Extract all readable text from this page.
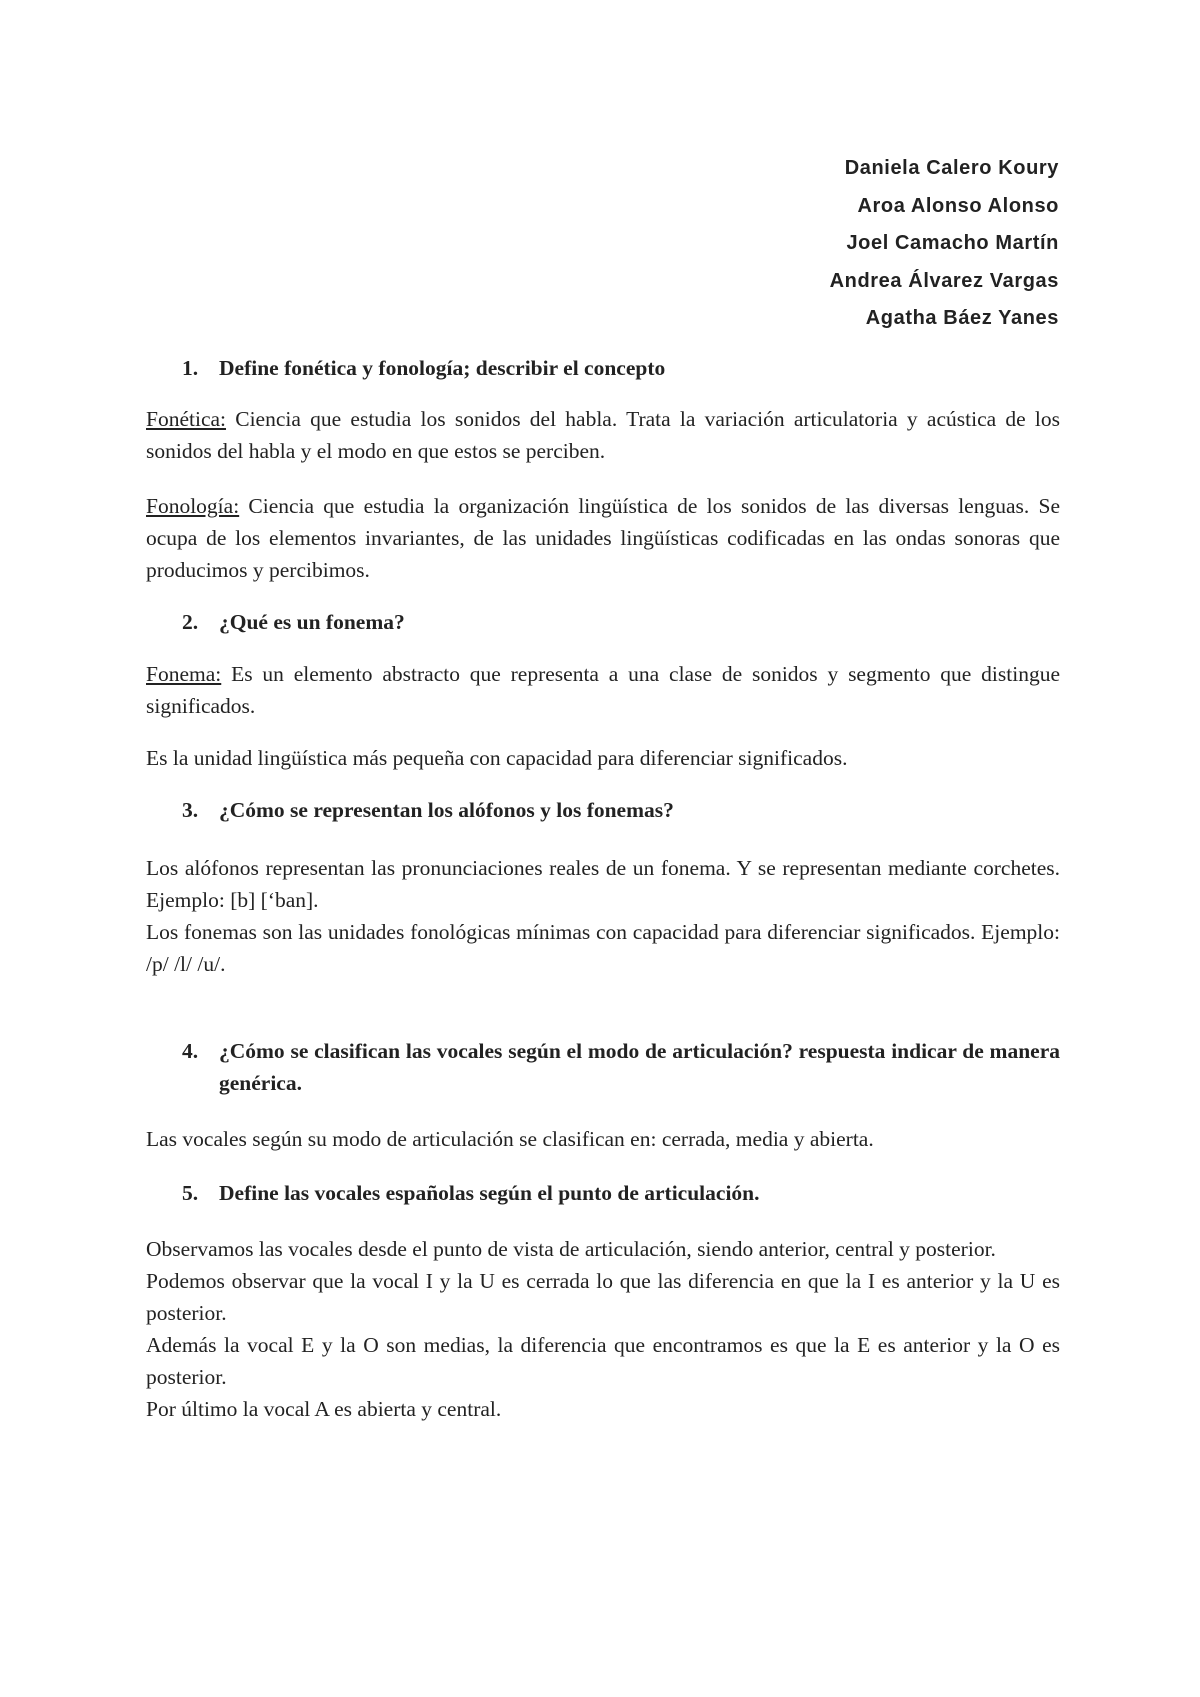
Daniela Calero Koury
Aroa Alonso Alonso
Joel Camacho Martín
Andrea Álvarez Vargas
Agatha Báez Yanes
1. Define fonética y fonología; describir el concepto

Fonética: Ciencia que estudia los sonidos del habla. Trata la variación articulatoria y acústica de los sonidos del habla y el modo en que estos se perciben.

Fonología: Ciencia que estudia la organización lingüística de los sonidos de las diversas lenguas. Se ocupa de los elementos invariantes, de las unidades lingüísticas codificadas en las ondas sonoras que producimos y percibimos.

2. ¿Qué es un fonema?

Fonema: Es un elemento abstracto que representa a una clase de sonidos y segmento que distingue significados.

Es la unidad lingüística más pequeña con capacidad para diferenciar significados.

3. ¿Cómo se representan los alófonos y los fonemas?

Los alófonos representan las pronunciaciones reales de un fonema. Y se representan mediante corchetes. Ejemplo: [b] [‘ban].

Los fonemas son las unidades fonológicas mínimas con capacidad para diferenciar significados. Ejemplo: /p/ /l/ /u/.

4. ¿Cómo se clasifican las vocales según el modo de articulación? respuesta indicar de manera genérica.

Las vocales según su modo de articulación se clasifican en: cerrada, media y abierta.

5. Define las vocales españolas según el punto de articulación.

Observamos las vocales desde el punto de vista de articulación, siendo anterior, central y posterior.

Podemos observar que la vocal I y la U es cerrada lo que las diferencia en que la I es anterior y la U es posterior.

Además la vocal E y la O son medias, la diferencia que encontramos es que la E es anterior y la O es posterior.

Por último la vocal A es abierta y central.
